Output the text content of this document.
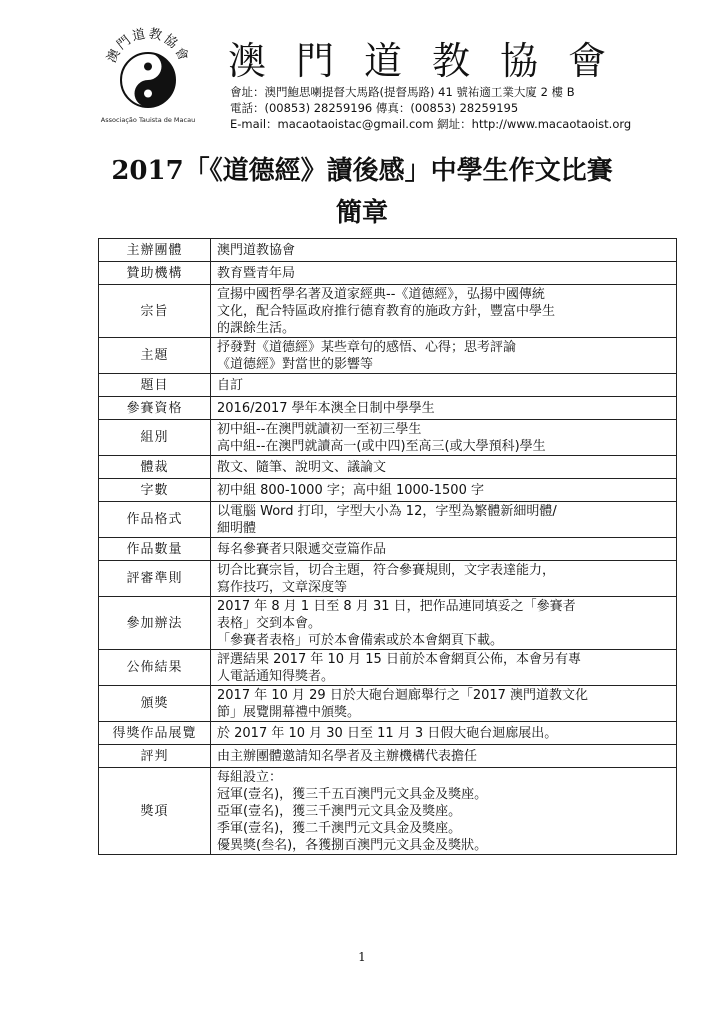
澳門道教協會
Associação Tauista de Macau
澳門道教協會
會址：澳門鮑思喇提督大馬路(提督馬路) 41 號祐適工業大廈 2 樓 B
電話：(00853) 28259196 傳真：(00853) 28259195
E-mail：macaotaoistac@gmail.com 網址：http://www.macaotaoist.org
2017「《道德經》讀後感」中學生作文比賽
簡章
主辦團體	澳門道教協會

贊助機構	教育暨青年局

宗旨	宣揚中國哲學名著及道家經典--《道德經》，弘揚中國傳統
文化，配合特區政府推行德育教育的施政方針，豐富中學生
的課餘生活。

主題	抒發對《道德經》某些章句的感悟、心得；思考評論
《道德經》對當世的影響等

題目	自訂

參賽資格	2016/2017 學年本澳全日制中學學生

組別	初中組--在澳門就讀初一至初三學生
高中組--在澳門就讀高一(或中四)至高三(或大學預科)學生

體裁	散文、隨筆、說明文、議論文

字數	初中組 800-1000 字；高中組 1000-1500 字

作品格式	以電腦 Word 打印，字型大小為 12，字型為繁體新細明體/
細明體

作品數量	每名參賽者只限遞交壹篇作品

評審準則	切合比賽宗旨，切合主題，符合參賽規則，文字表達能力，
寫作技巧，文章深度等

參加辦法	2017 年 8 月 1 日至 8 月 31 日，把作品連同填妥之「參賽者
表格」交到本會。
「參賽者表格」可於本會備索或於本會網頁下載。

公佈結果	評選結果 2017 年 10 月 15 日前於本會網頁公佈，本會另有專
人電話通知得獎者。

頒獎	2017 年 10 月 29 日於大砲台迴廊舉行之「2017 澳門道教文化
節」展覽開幕禮中頒獎。

得獎作品展覽	於 2017 年 10 月 30 日至 11 月 3 日假大砲台迴廊展出。

評判	由主辦團體邀請知名學者及主辦機構代表擔任

獎項	每組設立：
冠軍(壹名)，獲三千五百澳門元文具金及獎座。
亞軍(壹名)，獲三千澳門元文具金及獎座。
季軍(壹名)，獲二千澳門元文具金及獎座。
優異獎(叁名)，各獲捌百澳門元文具金及獎狀。
1
